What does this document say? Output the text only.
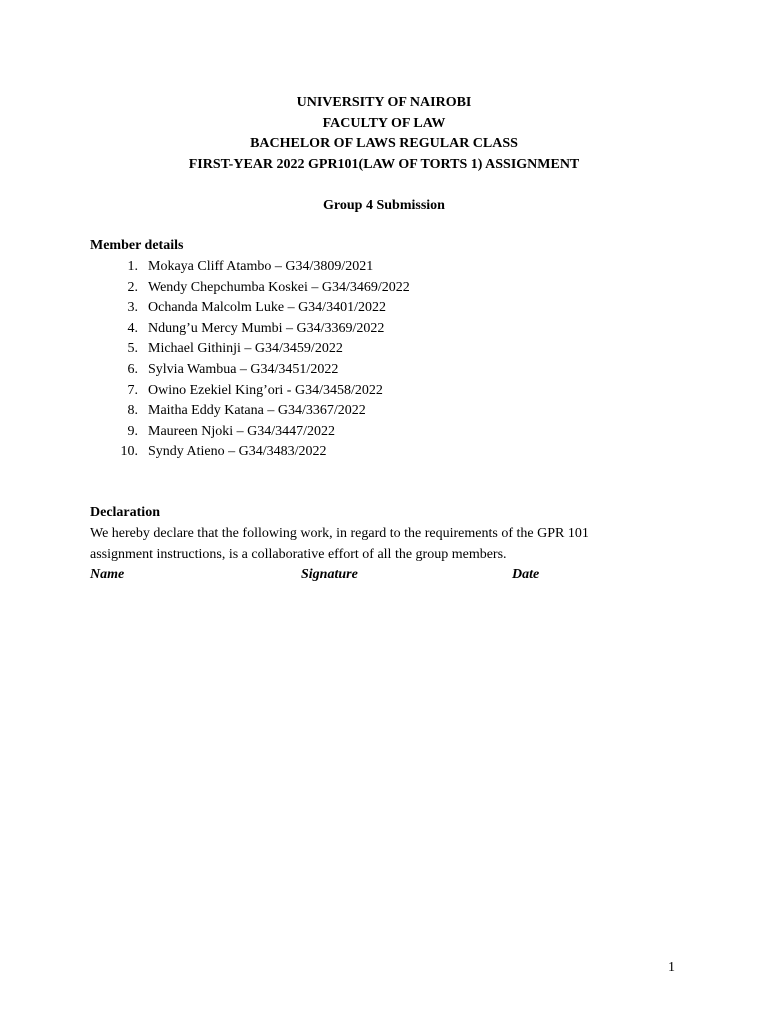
UNIVERSITY OF NAIROBI
FACULTY OF LAW
BACHELOR OF LAWS REGULAR CLASS
FIRST-YEAR 2022 GPR101(LAW OF TORTS 1) ASSIGNMENT
Group 4 Submission
Member details
1. Mokaya Cliff Atambo – G34/3809/2021
2. Wendy Chepchumba Koskei – G34/3469/2022
3. Ochanda Malcolm Luke – G34/3401/2022
4. Ndung’u Mercy Mumbi – G34/3369/2022
5. Michael Githinji – G34/3459/2022
6. Sylvia Wambua – G34/3451/2022
7. Owino Ezekiel King’ori - G34/3458/2022
8. Maitha Eddy Katana – G34/3367/2022
9. Maureen Njoki – G34/3447/2022
10. Syndy Atieno – G34/3483/2022
Declaration

We hereby declare that the following work, in regard to the requirements of the GPR 101 assignment instructions, is a collaborative effort of all the group members.

Name	Signature	Date
1
